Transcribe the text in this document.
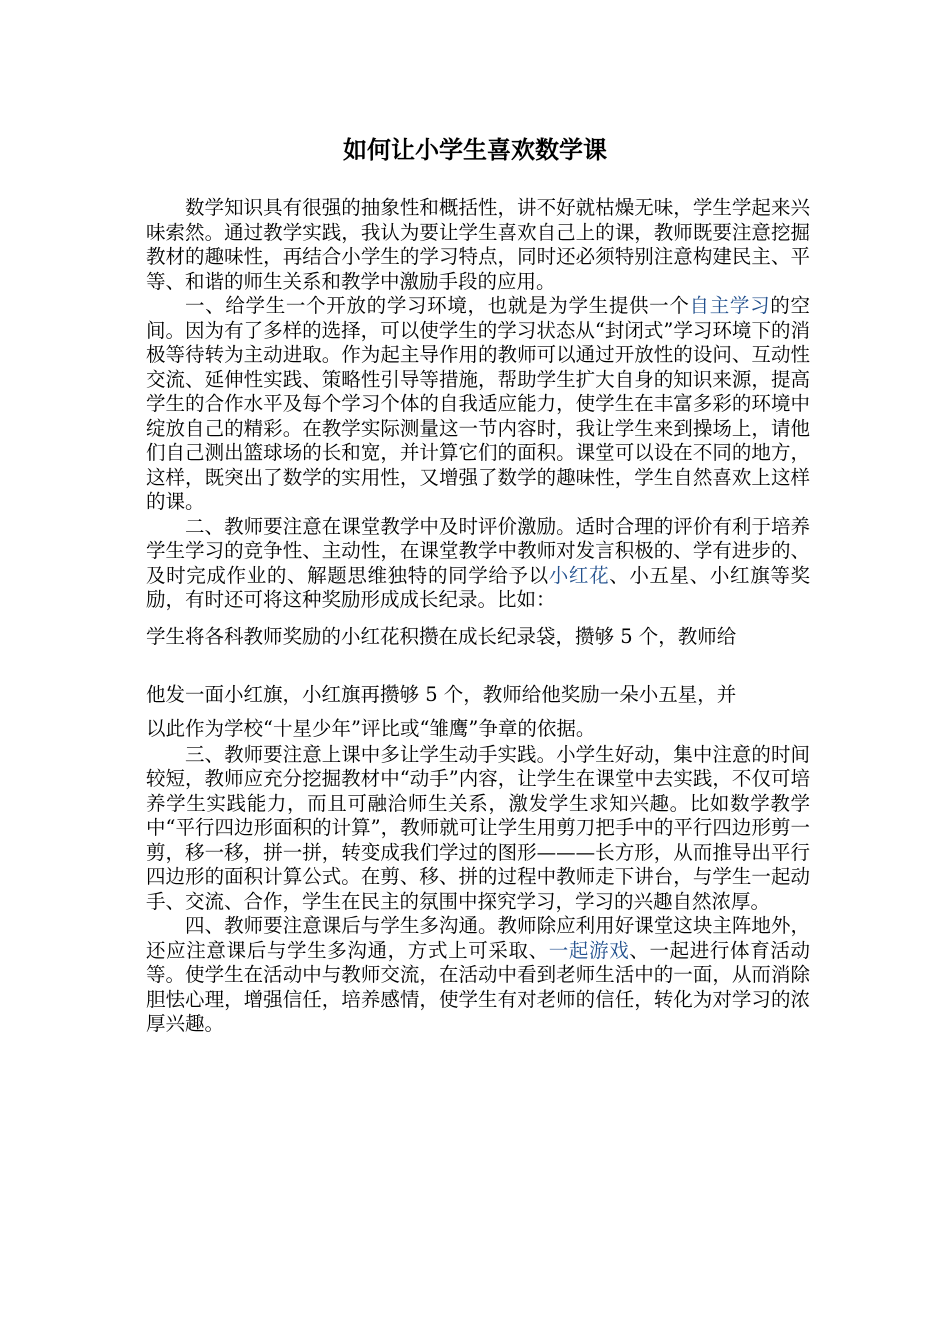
如何让小学生喜欢数学课

数学知识具有很强的抽象性和概括性，讲不好就枯燥无味，学生学起来兴味索然。通过教学实践，我认为要让学生喜欢自己上的课，教师既要注意挖掘教材的趣味性，再结合小学生的学习特点，同时还必须特别注意构建民主、平等、和谐的师生关系和教学中激励手段的应用。

一、给学生一个开放的学习环境，也就是为学生提供一个自主学习的空间。因为有了多样的选择，可以使学生的学习状态从“封闭式”学习环境下的消极等待转为主动进取。作为起主导作用的教师可以通过开放性的设问、互动性交流、延伸性实践、策略性引导等措施，帮助学生扩大自身的知识来源，提高学生的合作水平及每个学习个体的自我适应能力，使学生在丰富多彩的环境中绽放自己的精彩。在教学实际测量这一节内容时，我让学生来到操场上，请他们自己测出篮球场的长和宽，并计算它们的面积。课堂可以设在不同的地方，这样，既突出了数学的实用性，又增强了数学的趣味性，学生自然喜欢上这样的课。

二、教师要注意在课堂教学中及时评价激励。适时合理的评价有利于培养学生学习的竞争性、主动性，在课堂教学中教师对发言积极的、学有进步的、及时完成作业的、解题思维独特的同学给予以小红花、小五星、小红旗等奖励，有时还可将这种奖励形成成长纪录。比如：

学生将各科教师奖励的小红花积攒在成长纪录袋，攒够 5 个，教师给
他发一面小红旗，小红旗再攒够 5 个，教师给他奖励一朵小五星，并
以此作为学校“十星少年”评比或“雏鹰”争章的依据。

三、教师要注意上课中多让学生动手实践。小学生好动，集中注意的时间较短，教师应充分挖掘教材中“动手”内容，让学生在课堂中去实践，不仅可培养学生实践能力，而且可融洽师生关系，激发学生求知兴趣。比如数学教学中“平行四边形面积的计算”，教师就可让学生用剪刀把手中的平行四边形剪一剪，移一移，拼一拼，转变成我们学过的图形———长方形，从而推导出平行四边形的面积计算公式。在剪、移、拼的过程中教师走下讲台，与学生一起动手、交流、合作，学生在民主的氛围中探究学习，学习的兴趣自然浓厚。

四、教师要注意课后与学生多沟通。教师除应利用好课堂这块主阵地外，还应注意课后与学生多沟通，方式上可采取、一起游戏、一起进行体育活动等。使学生在活动中与教师交流，在活动中看到老师生活中的一面，从而消除胆怯心理，增强信任，培养感情，使学生有对老师的信任，转化为对学习的浓厚兴趣。
